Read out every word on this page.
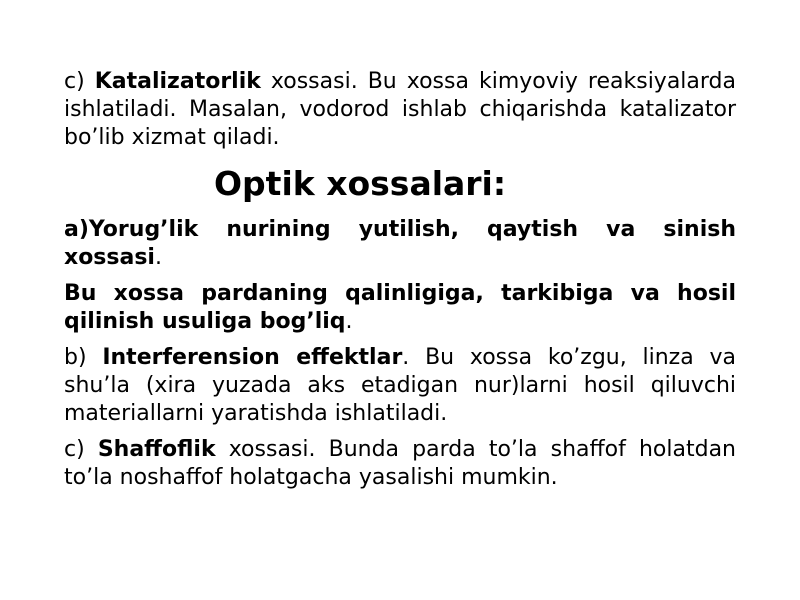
c) Katalizatorlik xossasi. Bu xossa kimyoviy reaksiyalarda ishlatiladi. Masalan, vodorod ishlab chiqarishda katalizator bo’lib xizmat qiladi.

Optik xossalari:

a)Yorug’lik nurining yutilish, qaytish va sinish xossasi.

Bu xossa pardaning qalinligiga, tarkibiga va hosil qilinish usuliga bog’liq.

b) Interferension effektlar. Bu xossa ko’zgu, linza va shu’la (xira yuzada aks etadigan nur)larni hosil qiluvchi materiallarni yaratishda ishlatiladi.

c) Shaffoflik xossasi. Bunda parda to’la shaffof holatdan to’la noshaffof holatgacha yasalishi mumkin.
